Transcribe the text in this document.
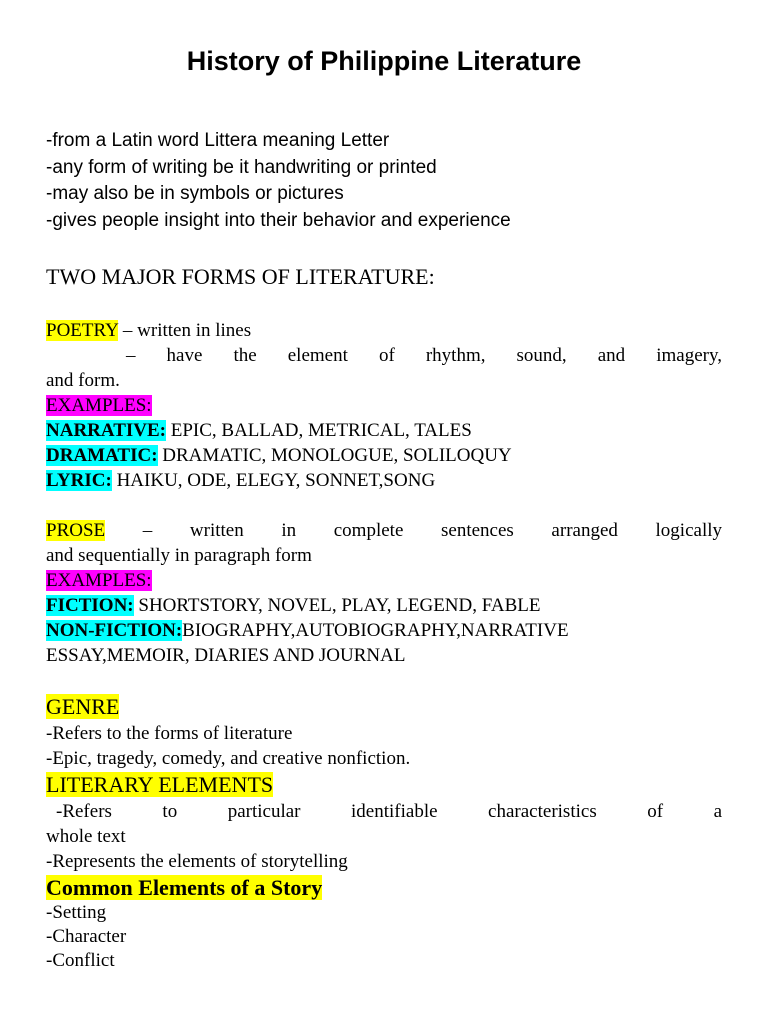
History of Philippine Literature
-from a Latin word Littera meaning Letter
-any form of writing be it handwriting or printed
-may also be in symbols or pictures
-gives people insight into their behavior and experience
TWO MAJOR FORMS OF LITERATURE:
POETRY – written in lines
– have the element of rhythm, sound, and imagery,
and form.
EXAMPLES:
NARRATIVE: EPIC, BALLAD, METRICAL, TALES
DRAMATIC: DRAMATIC, MONOLOGUE, SOLILOQUY
LYRIC: HAIKU, ODE, ELEGY, SONNET,SONG
PROSE – written in complete sentences arranged logically
and sequentially in paragraph form
EXAMPLES:
FICTION: SHORTSTORY, NOVEL, PLAY, LEGEND, FABLE
NON-FICTION:BIOGRAPHY,AUTOBIOGRAPHY,NARRATIVE
ESSAY,MEMOIR, DIARIES AND JOURNAL
GENRE
-Refers to the forms of literature
-Epic, tragedy, comedy, and creative nonfiction.
LITERARY ELEMENTS
-Refers to particular identifiable characteristics of a
whole text
-Represents the elements of storytelling
Common Elements of a Story
-Setting
-Character
-Conflict
